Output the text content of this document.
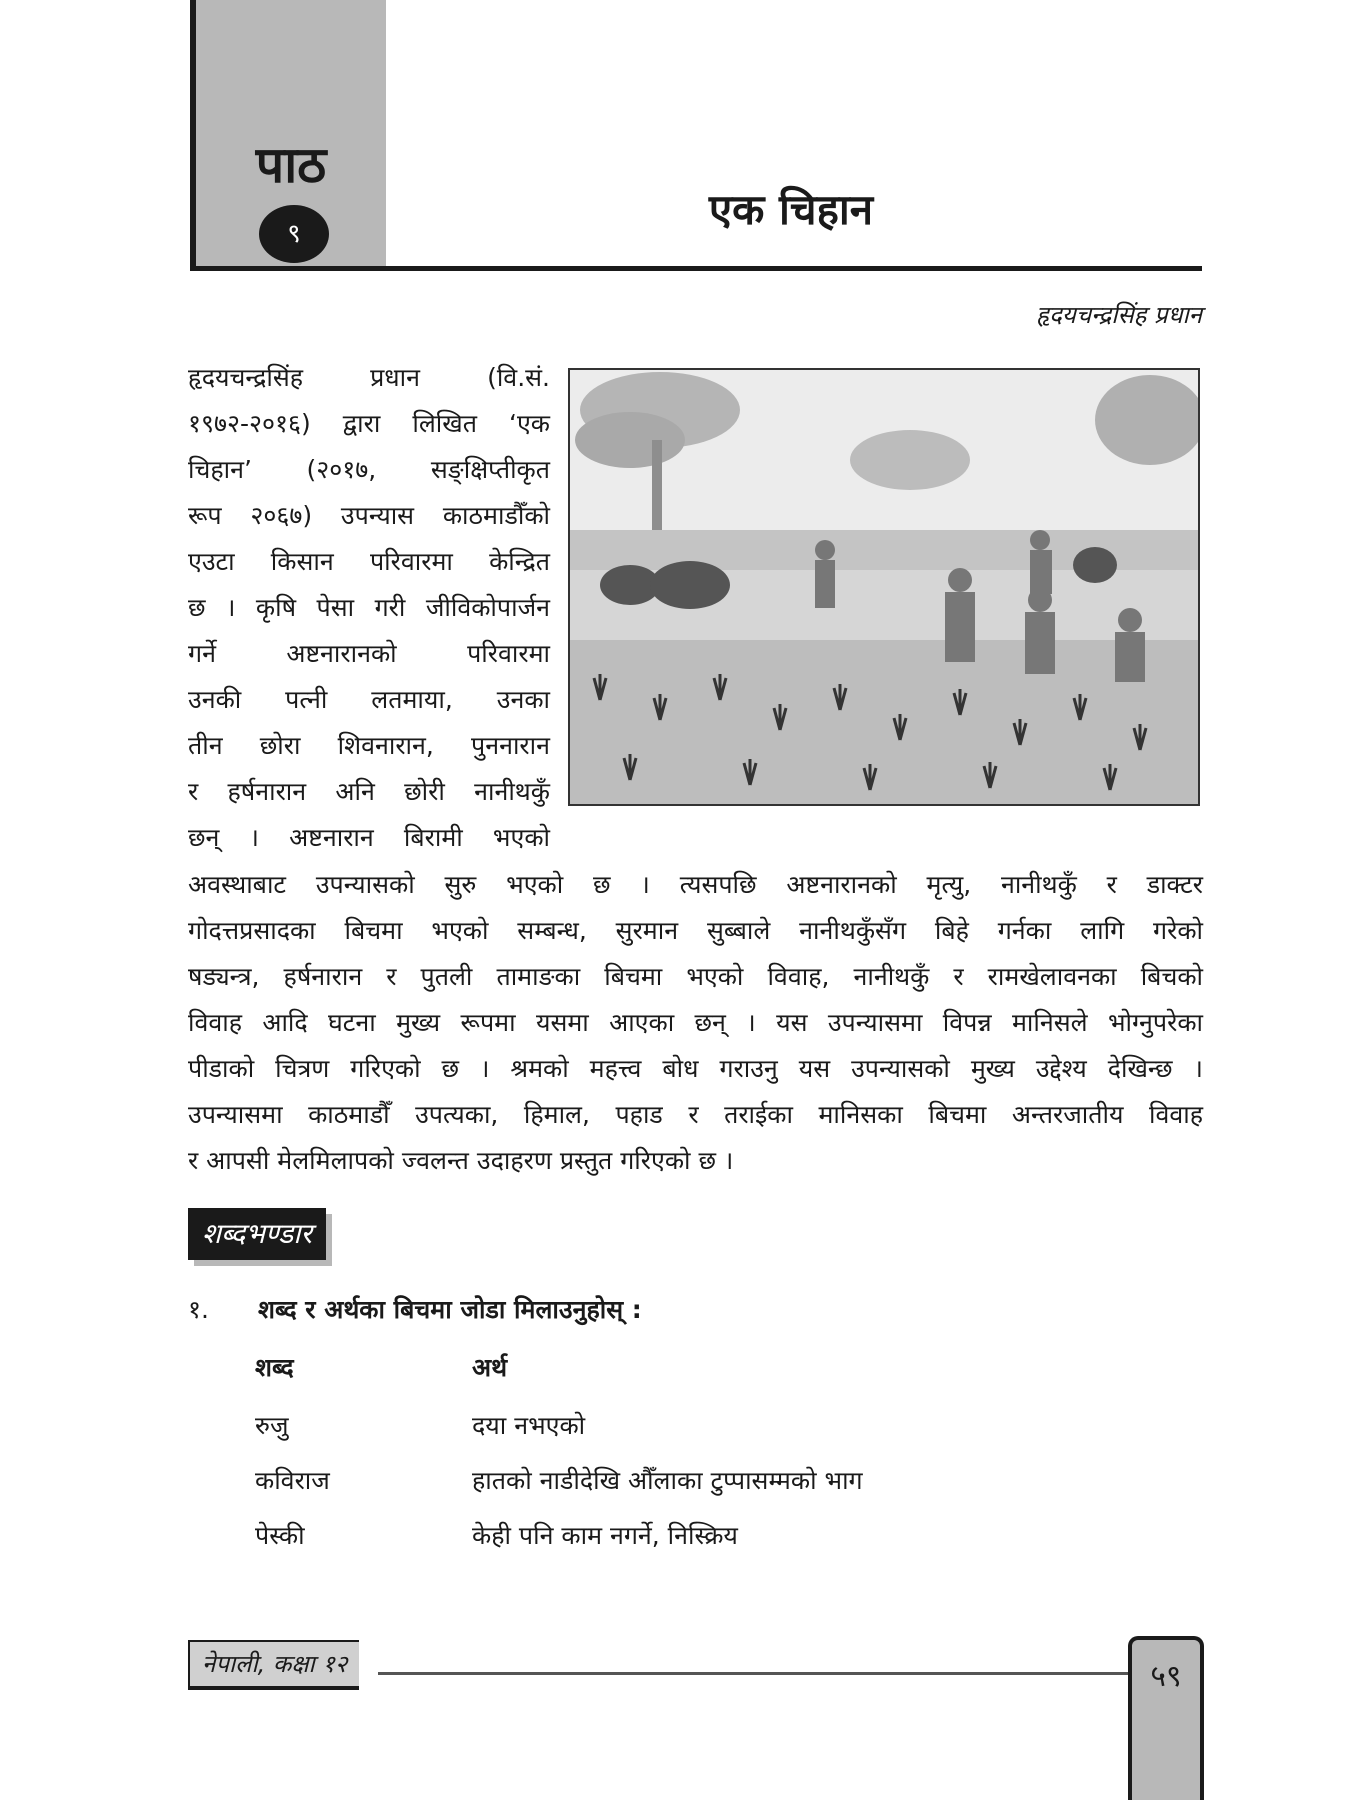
पाठ
९	एक चिहान
हृदयचन्द्रसिंह प्रधान
हृदयचन्द्रसिंह प्रधान (वि.सं.
१९७२-२०१६) द्वारा लिखित ‘एक
चिहान’ (२०१७, सङ्क्षिप्तीकृत
रूप २०६७) उपन्यास काठमाडौँको
एउटा किसान परिवारमा केन्द्रित
छ । कृषि पेसा गरी जीविकोपार्जन
गर्ने अष्टनारानको परिवारमा
उनकी पत्नी लतमाया, उनका
तीन छोरा शिवनारान, पुननारान
र हर्षनारान अनि छोरी नानीथकुँ
छन् । अष्टनारान बिरामी भएको
अवस्थाबाट उपन्यासको सुरु भएको छ । त्यसपछि अष्टनारानको मृत्यु, नानीथकुँ र डाक्टर
गोदत्तप्रसादका बिचमा भएको सम्बन्ध, सुरमान सुब्बाले नानीथकुँसँग बिहे गर्नका लागि गरेको
षड्यन्त्र, हर्षनारान र पुतली तामाङका बिचमा भएको विवाह, नानीथकुँ र रामखेलावनका बिचको
विवाह आदि घटना मुख्य रूपमा यसमा आएका छन् । यस उपन्यासमा विपन्न मानिसले भोग्नुपरेका
पीडाको चित्रण गरिएको छ । श्रमको महत्त्व बोध गराउनु यस उपन्यासको मुख्य उद्देश्य देखिन्छ ।
उपन्यासमा काठमाडौँ उपत्यका, हिमाल, पहाड र तराईका मानिसका बिचमा अन्तरजातीय विवाह
र आपसी मेलमिलापको ज्वलन्त उदाहरण प्रस्तुत गरिएको छ ।
शब्दभण्डार
१. शब्द र अर्थका बिचमा जोडा मिलाउनुहोस् :
शब्द	अर्थ
रुजु	दया नभएको
कविराज	हातको नाडीदेखि औँलाका टुप्पासम्मको भाग
पेस्की	केही पनि काम नगर्ने, निस्क्रिय
नेपाली, कक्षा १२	५९
